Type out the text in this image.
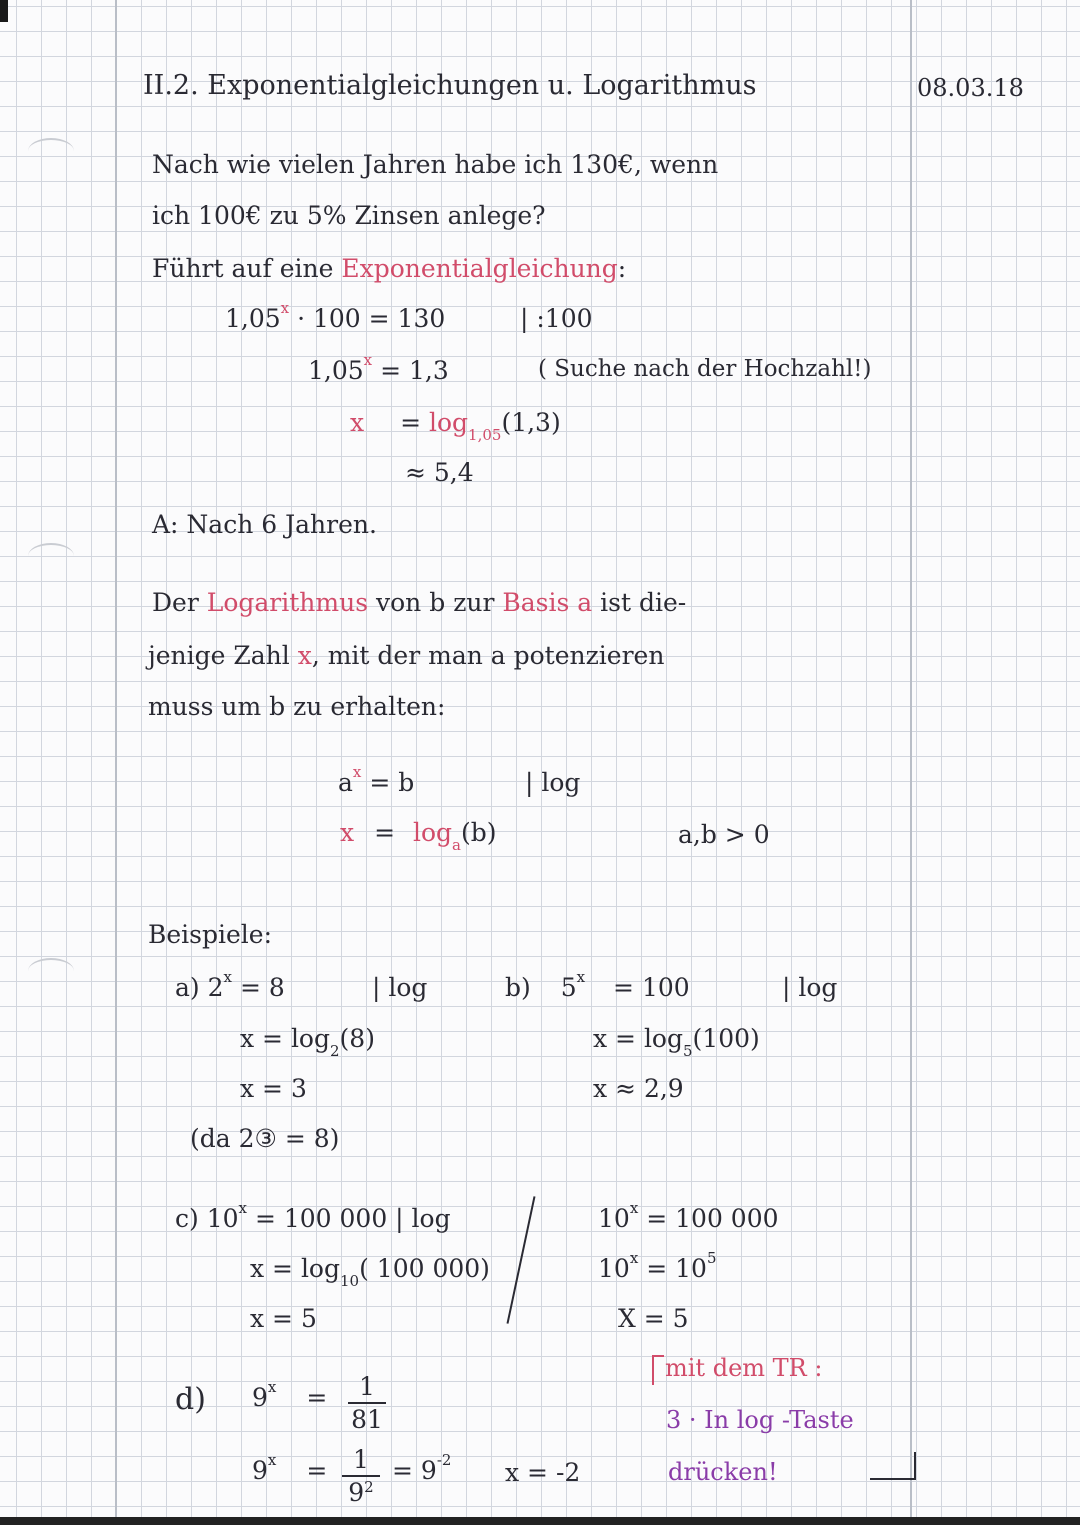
II.2. Exponentialgleichungen u. Logarithmus	08.03.18
Nach wie vielen Jahren habe ich 130€, wenn
ich 100€ zu 5% Zinsen anlege?
Führt auf eine Exponentialgleichung:
$1,05^x \cdot 100 = 130$	| :100
$1,05^x = 1,3$	( Suche nach der Hochzahl!)
$x = \log_{1,05}(1,3)$
≈ 5,4
A: Nach 6 Jahren.
Der Logarithmus von b zur Basis a ist die-
jenige Zahl x, mit der man a potenzieren
muss um b zu erhalten:
$a^x = b$	| log
$x = \log_a(b)$	a,b > 0
Beispiele:
a) $2^x = 8$	| log
$x = \log_2(8)$
x = 3
(da 2③ = 8)
b) $5^x = 100$	| log
$x = \log_5(100)$
x ≈ 2,9
c) $10^x = 100$ 000 | log
$x = \log_{10}$( 100 000)
x = 5
$10^x = 100$ 000
$10^x = 10^5$
X = 5
d) $9^x = \frac{1}{81}$
$9^x = \frac{1}{9^2} = 9^{-2}$ x = -2
mit dem TR :
3 · In log -Taste
drücken!
